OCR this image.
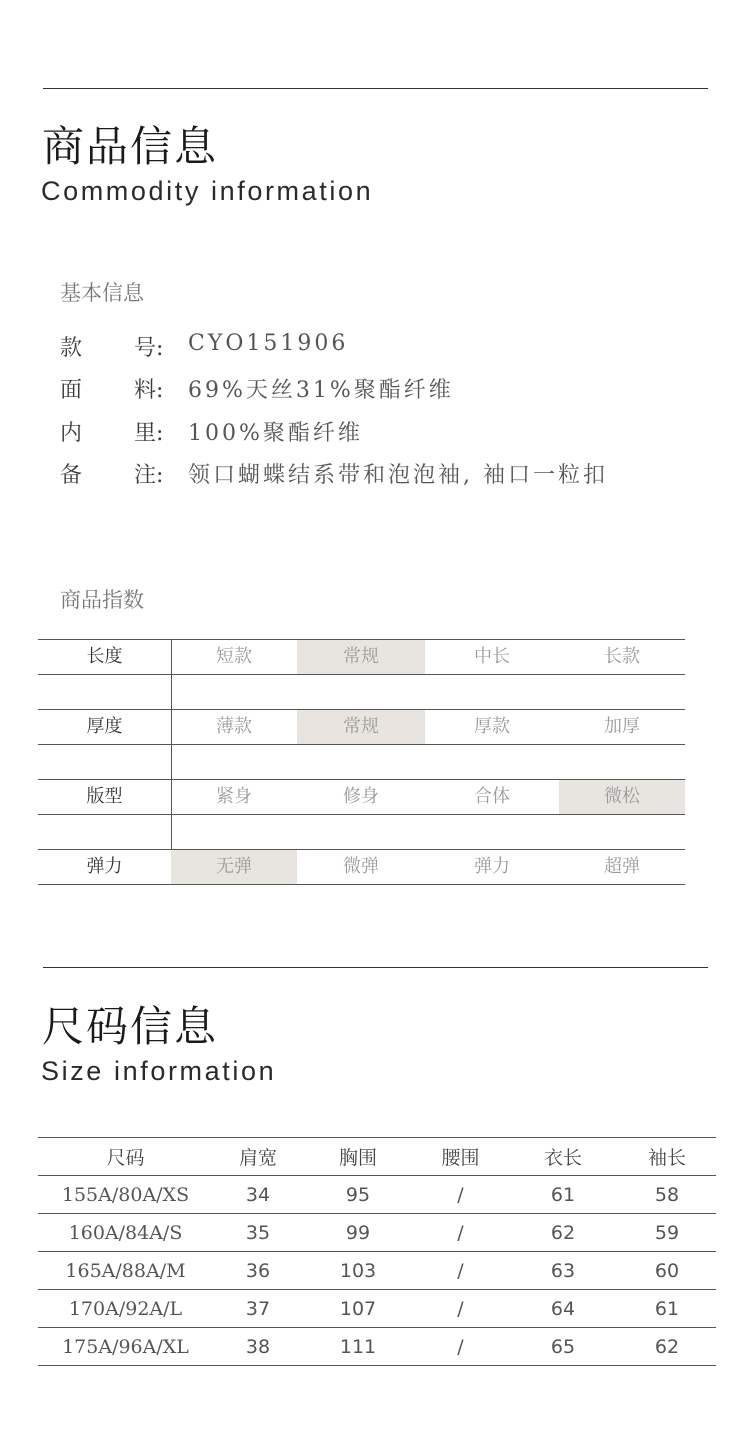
商品信息
Commodity information
基本信息
款 号: CYO151906
面 料: 69%天丝31%聚酯纤维
内 里: 100%聚酯纤维
备 注: 领口蝴蝶结系带和泡泡袖, 袖口一粒扣
商品指数
长度	短款	常规	中长	长款
厚度	薄款	常规	厚款	加厚
版型	紧身	修身	合体	微松
弹力	无弹	微弹	弹力	超弹
尺码信息
Size information
尺码	肩宽	胸围	腰围	衣长	袖长
155A/80A/XS	34	95	/	61	58
160A/84A/S	35	99	/	62	59
165A/88A/M	36	103	/	63	60
170A/92A/L	37	107	/	64	61
175A/96A/XL	38	111	/	65	62
